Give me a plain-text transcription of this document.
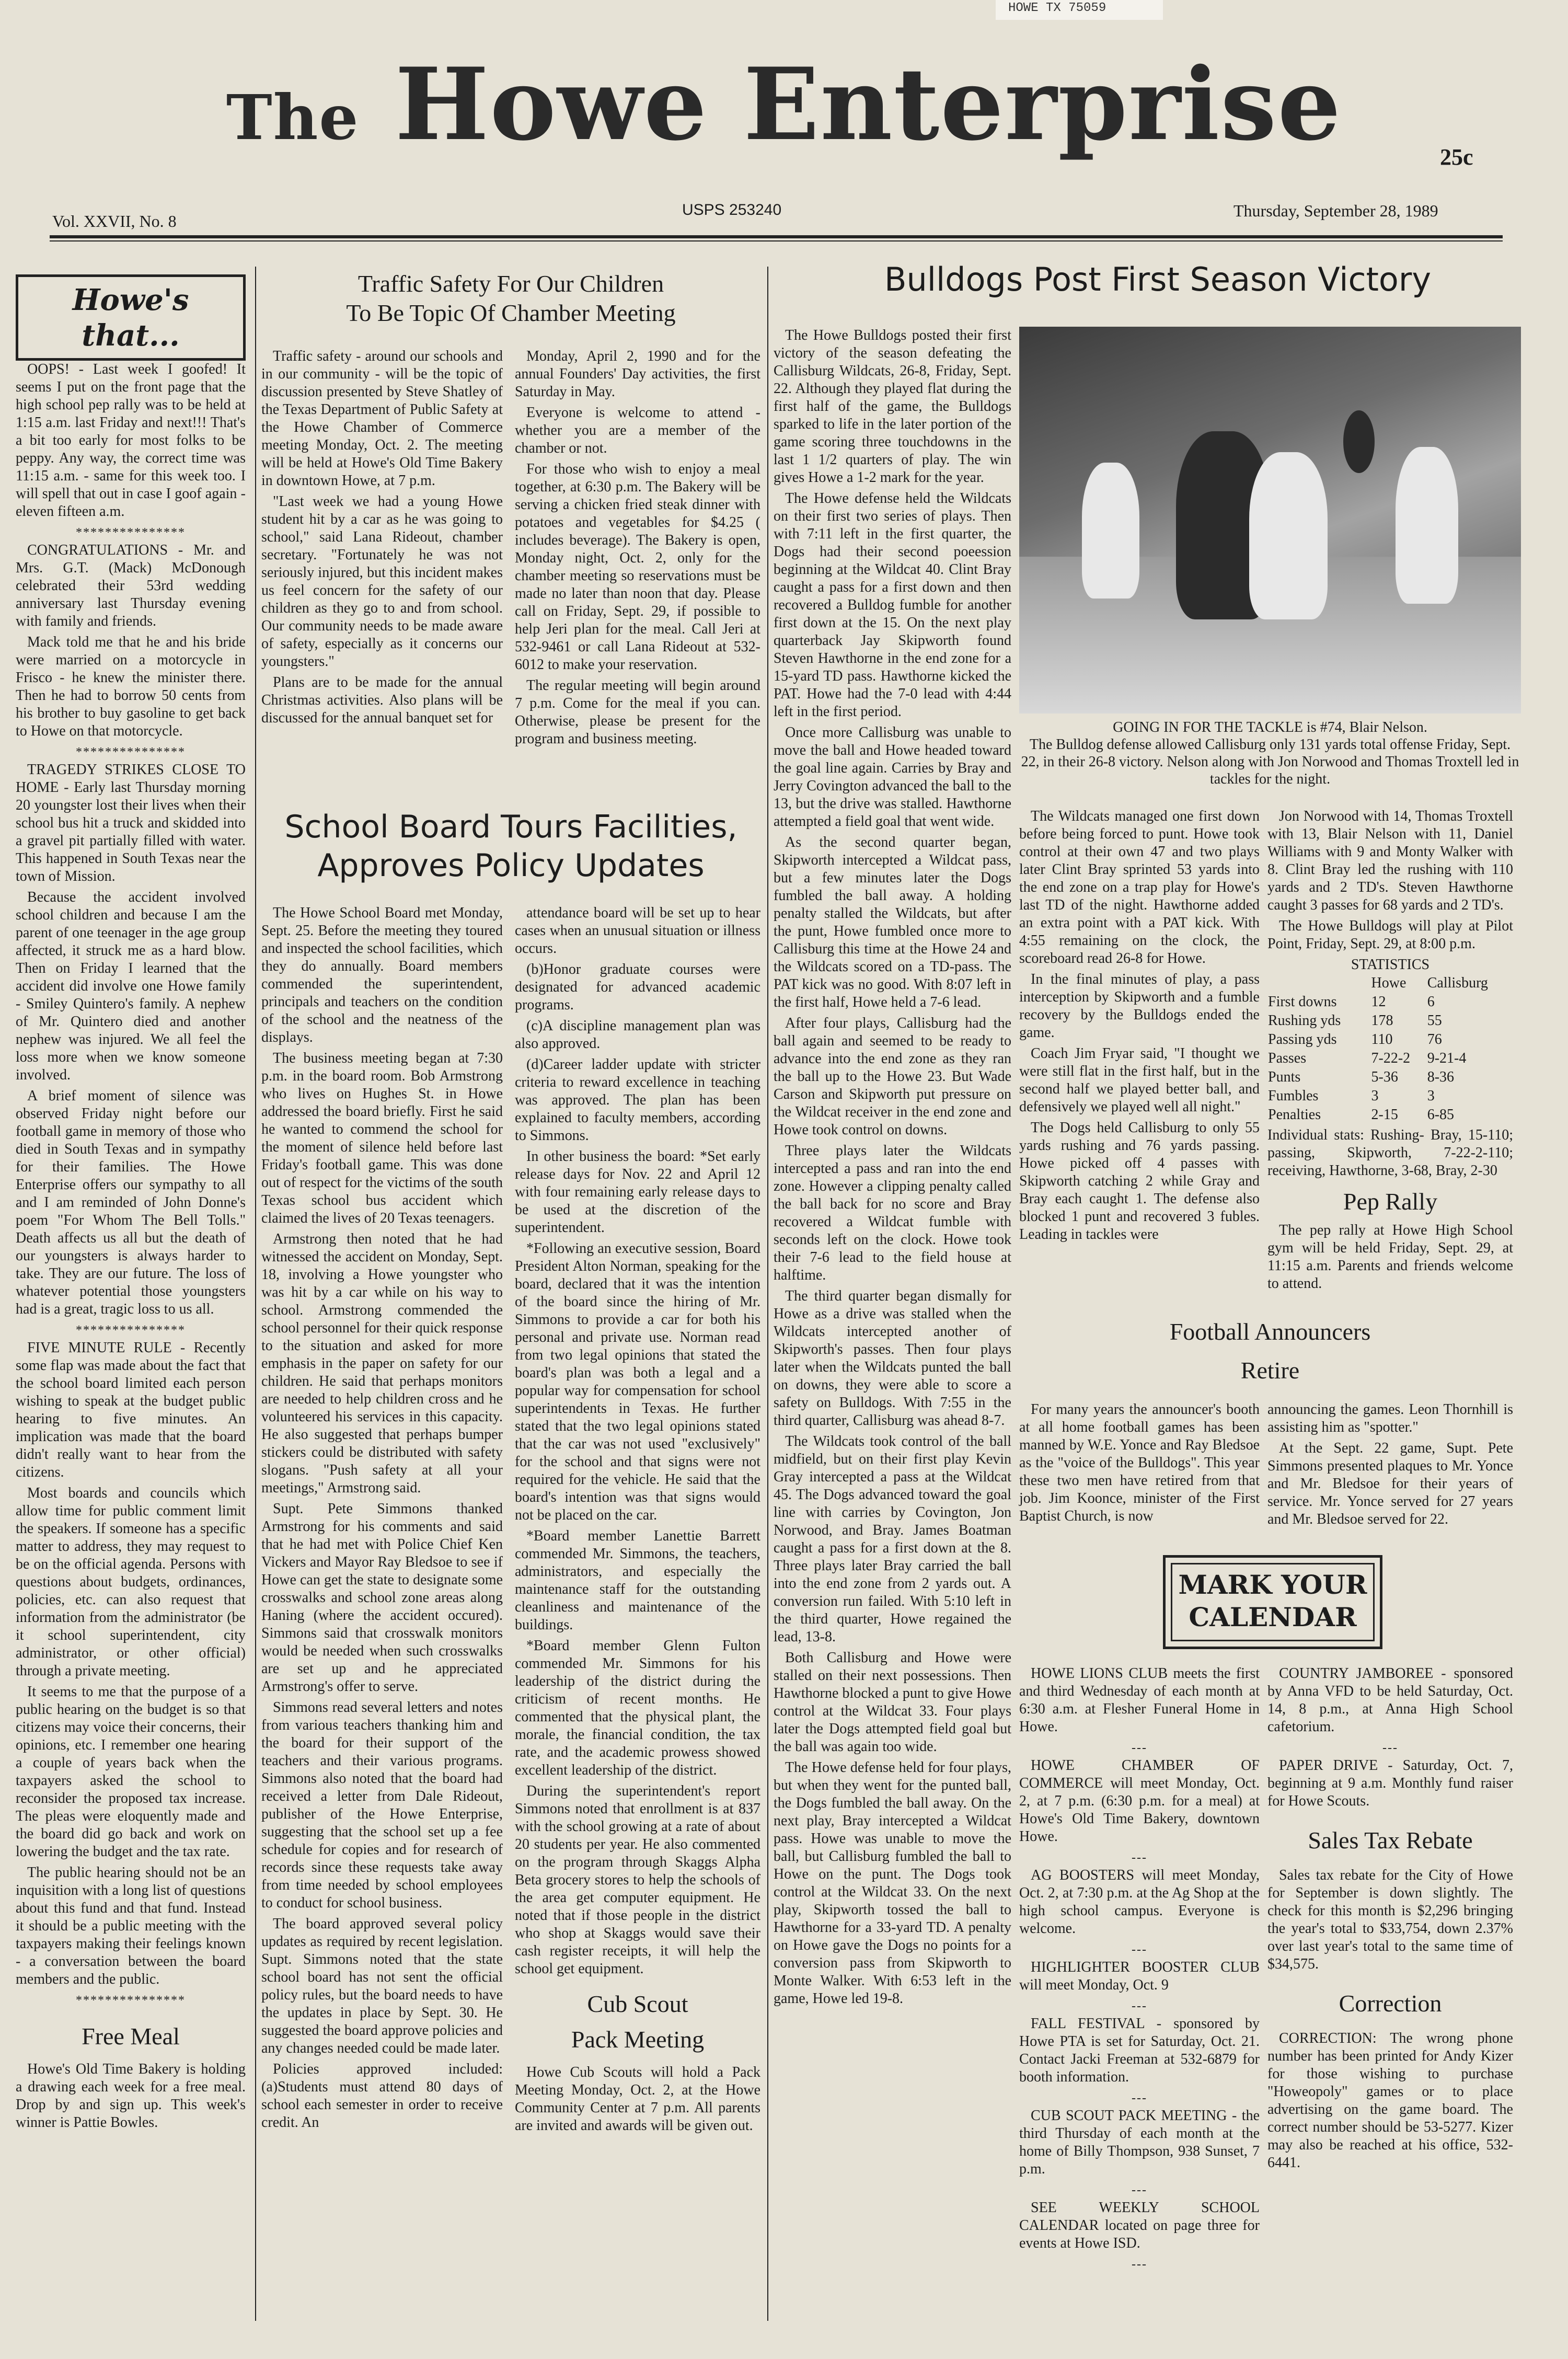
HOWE TX 75059
The Howe Enterprise	25c
Vol. XXVII, No. 8
USPS 253240	Thursday, September 28, 1989
Howe's
that...

OOPS! - Last week I goofed! It seems I put on the front page that the high school pep rally was to be held at 1:15 a.m. last Friday and next!!! That's a bit too early for most folks to be peppy. Any way, the correct time was 11:15 a.m. - same for this week too. I will spell that out in case I goof again - eleven fifteen a.m.

***************

CONGRATULATIONS - Mr. and Mrs. G.T. (Mack) McDonough celebrated their 53rd wedding anniversary last Thursday evening with family and friends.

Mack told me that he and his bride were married on a motorcycle in Frisco - he knew the minister there. Then he had to borrow 50 cents from his brother to buy gasoline to get back to Howe on that motorcycle.

***************

TRAGEDY STRIKES CLOSE TO HOME - Early last Thursday morning 20 youngster lost their lives when their school bus hit a truck and skidded into a gravel pit partially filled with water. This happened in South Texas near the town of Mission.

Because the accident involved school children and because I am the parent of one teenager in the age group affected, it struck me as a hard blow. Then on Friday I learned that the accident did involve one Howe family - Smiley Quintero's family. A nephew of Mr. Quintero died and another nephew was injured. We all feel the loss more when we know someone involved.

A brief moment of silence was observed Friday night before our football game in memory of those who died in South Texas and in sympathy for their families. The Howe Enterprise offers our sympathy to all and I am reminded of John Donne's poem "For Whom The Bell Tolls." Death affects us all but the death of our youngsters is always harder to take. They are our future. The loss of whatever potential those youngsters had is a great, tragic loss to us all.

***************

FIVE MINUTE RULE - Recently some flap was made about the fact that the school board limited each person wishing to speak at the budget public hearing to five minutes. An implication was made that the board didn't really want to hear from the citizens.

Most boards and councils which allow time for public comment limit the speakers. If someone has a specific matter to address, they may request to be on the official agenda. Persons with questions about budgets, ordinances, policies, etc. can also request that information from the administrator (be it school superintendent, city administrator, or other official) through a private meeting.

It seems to me that the purpose of a public hearing on the budget is so that citizens may voice their concerns, their opinions, etc. I remember one hearing a couple of years back when the taxpayers asked the school to reconsider the proposed tax increase. The pleas were eloquently made and the board did go back and work on lowering the budget and the tax rate.

The public hearing should not be an inquisition with a long list of questions about this fund and that fund. Instead it should be a public meeting with the taxpayers making their feelings known - a conversation between the board members and the public.

***************
Free Meal

Howe's Old Time Bakery is holding a drawing each week for a free meal. Drop by and sign up. This week's winner is Pattie Bowles.

Traffic Safety For Our Children
To Be Topic Of Chamber Meeting

Traffic safety - around our schools and in our community - will be the topic of discussion presented by Steve Shatley of the Texas Department of Public Safety at the Howe Chamber of Commerce meeting Monday, Oct. 2. The meeting will be held at Howe's Old Time Bakery in downtown Howe, at 7 p.m.

"Last week we had a young Howe student hit by a car as he was going to school," said Lana Rideout, chamber secretary. "Fortunately he was not seriously injured, but this incident makes us feel concern for the safety of our children as they go to and from school. Our community needs to be made aware of safety, especially as it concerns our youngsters."

Plans are to be made for the annual Christmas activities. Also plans will be discussed for the annual banquet set for

Monday, April 2, 1990 and for the annual Founders' Day activities, the first Saturday in May.

Everyone is welcome to attend - whether you are a member of the chamber or not.

For those who wish to enjoy a meal together, at 6:30 p.m. The Bakery will be serving a chicken fried steak dinner with potatoes and vegetables for $4.25 ( includes beverage). The Bakery is open, Monday night, Oct. 2, only for the chamber meeting so reservations must be made no later than noon that day. Please call on Friday, Sept. 29, if possible to help Jeri plan for the meal. Call Jeri at 532-9461 or call Lana Rideout at 532-6012 to make your reservation.

The regular meeting will begin around 7 p.m. Come for the meal if you can. Otherwise, please be present for the program and business meeting.

School Board Tours Facilities,
Approves Policy Updates

The Howe School Board met Monday, Sept. 25. Before the meeting they toured and inspected the school facilities, which they do annually. Board members commended the superintendent, principals and teachers on the condition of the school and the neatness of the displays.

The business meeting began at 7:30 p.m. in the board room. Bob Armstrong who lives on Hughes St. in Howe addressed the board briefly. First he said he wanted to commend the school for the moment of silence held before last Friday's football game. This was done out of respect for the victims of the south Texas school bus accident which claimed the lives of 20 Texas teenagers.

Armstrong then noted that he had witnessed the accident on Monday, Sept. 18, involving a Howe youngster who was hit by a car while on his way to school. Armstrong commended the school personnel for their quick response to the situation and asked for more emphasis in the paper on safety for our children. He said that perhaps monitors are needed to help children cross and he volunteered his services in this capacity. He also suggested that perhaps bumper stickers could be distributed with safety slogans. "Push safety at all your meetings," Armstrong said.

Supt. Pete Simmons thanked Armstrong for his comments and said that he had met with Police Chief Ken Vickers and Mayor Ray Bledsoe to see if Howe can get the state to designate some crosswalks and school zone areas along Haning (where the accident occured). Simmons said that crosswalk monitors would be needed when such crosswalks are set up and he appreciated Armstrong's offer to serve.

Simmons read several letters and notes from various teachers thanking him and the board for their support of the teachers and their various programs. Simmons also noted that the board had received a letter from Dale Rideout, publisher of the Howe Enterprise, suggesting that the school set up a fee schedule for copies and for research of records since these requests take away from time needed by school employees to conduct for school business.

The board approved several policy updates as required by recent legislation. Supt. Simmons noted that the state school board has not sent the official policy rules, but the board needs to have the updates in place by Sept. 30. He suggested the board approve policies and any changes needed could be made later.

Policies approved included: (a)Students must attend 80 days of school each semester in order to receive credit. An

attendance board will be set up to hear cases when an unusual situation or illness occurs.

(b)Honor graduate courses were designated for advanced academic programs.

(c)A discipline management plan was also approved.

(d)Career ladder update with stricter criteria to reward excellence in teaching was approved. The plan has been explained to faculty members, according to Simmons.

In other business the board: *Set early release days for Nov. 22 and April 12 with four remaining early release days to be used at the discretion of the superintendent.

*Following an executive session, Board President Alton Norman, speaking for the board, declared that it was the intention of the board since the hiring of Mr. Simmons to provide a car for both his personal and private use. Norman read from two legal opinions that stated the board's plan was both a legal and a popular way for compensation for school superintendents in Texas. He further stated that the two legal opinions stated that the car was not used "exclusively" for the school and that signs were not required for the vehicle. He said that the board's intention was that signs would not be placed on the car.

*Board member Lanettie Barrett commended Mr. Simmons, the teachers, administrators, and especially the maintenance staff for the outstanding cleanliness and maintenance of the buildings.

*Board member Glenn Fulton commended Mr. Simmons for his leadership of the district during the criticism of recent months. He commented that the physical plant, the morale, the financial condition, the tax rate, and the academic prowess showed excellent leadership of the district.

During the superintendent's report Simmons noted that enrollment is at 837 with the school growing at a rate of about 20 students per year. He also commented on the program through Skaggs Alpha Beta grocery stores to help the schools of the area get computer equipment. He noted that if those people in the district who shop at Skaggs would save their cash register receipts, it will help the school get equipment.

Cub Scout
Pack Meeting

Howe Cub Scouts will hold a Pack Meeting Monday, Oct. 2, at the Howe Community Center at 7 p.m. All parents are invited and awards will be given out.

Bulldogs Post First Season Victory

The Howe Bulldogs posted their first victory of the season defeating the Callisburg Wildcats, 26-8, Friday, Sept. 22. Although they played flat during the first half of the game, the Bulldogs sparked to life in the later portion of the game scoring three touchdowns in the last 1 1/2 quarters of play. The win gives Howe a 1-2 mark for the year.

The Howe defense held the Wildcats on their first two series of plays. Then with 7:11 left in the first quarter, the Dogs had their second poeession beginning at the Wildcat 40. Clint Bray caught a pass for a first down and then recovered a Bulldog fumble for another first down at the 15. On the next play quarterback Jay Skipworth found Steven Hawthorne in the end zone for a 15-yard TD pass. Hawthorne kicked the PAT. Howe had the 7-0 lead with 4:44 left in the first period.

Once more Callisburg was unable to move the ball and Howe headed toward the goal line again. Carries by Bray and Jerry Covington advanced the ball to the 13, but the drive was stalled. Hawthorne attempted a field goal that went wide.

As the second quarter began, Skipworth intercepted a Wildcat pass, but a few minutes later the Dogs fumbled the ball away. A holding penalty stalled the Wildcats, but after the punt, Howe fumbled once more to Callisburg this time at the Howe 24 and the Wildcats scored on a TD-pass. The PAT kick was no good. With 8:07 left in the first half, Howe held a 7-6 lead.

After four plays, Callisburg had the ball again and seemed to be ready to advance into the end zone as they ran the ball up to the Howe 23. But Wade Carson and Skipworth put pressure on the Wildcat receiver in the end zone and Howe took control on downs.

Three plays later the Wildcats intercepted a pass and ran into the end zone. However a clipping penalty called the ball back for no score and Bray recovered a Wildcat fumble with seconds left on the clock. Howe took their 7-6 lead to the field house at halftime.

The third quarter began dismally for Howe as a drive was stalled when the Wildcats intercepted another of Skipworth's passes. Then four plays later when the Wildcats punted the ball on downs, they were able to score a safety on Bulldogs. With 7:55 in the third quarter, Callisburg was ahead 8-7.

The Wildcats took control of the ball midfield, but on their first play Kevin Gray intercepted a pass at the Wildcat 45. The Dogs advanced toward the goal line with carries by Covington, Jon Norwood, and Bray. James Boatman caught a pass for a first down at the 8. Three plays later Bray carried the ball into the end zone from 2 yards out. A conversion run failed. With 5:10 left in the third quarter, Howe regained the lead, 13-8.

Both Callisburg and Howe were stalled on their next possessions. Then Hawthorne blocked a punt to give Howe control at the Wildcat 33. Four plays later the Dogs attempted field goal but the ball was again too wide.

The Howe defense held for four plays, but when they went for the punted ball, the Dogs fumbled the ball away. On the next play, Bray intercepted a Wildcat pass. Howe was unable to move the ball, but Callisburg fumbled the ball to Howe on the punt. The Dogs took control at the Wildcat 33. On the next play, Skipworth tossed the ball to Hawthorne for a 33-yard TD. A penalty on Howe gave the Dogs no points for a conversion pass from Skipworth to Monte Walker. With 6:53 left in the game, Howe led 19-8.

GOING IN FOR THE TACKLE is #74, Blair Nelson.
The Bulldog defense allowed Callisburg only 131 yards total offense Friday, Sept. 22, in their 26-8 victory. Nelson along with Jon Norwood and Thomas Troxtell led in tackles for the night.

The Wildcats managed one first down before being forced to punt. Howe took control at their own 47 and two plays later Clint Bray sprinted 53 yards into the end zone on a trap play for Howe's last TD of the night. Hawthorne added an extra point with a PAT kick. With 4:55 remaining on the clock, the scoreboard read 26-8 for Howe.

In the final minutes of play, a pass interception by Skipworth and a fumble recovery by the Bulldogs ended the game.

Coach Jim Fryar said, "I thought we were still flat in the first half, but in the second half we played better ball, and defensively we played well all night."

The Dogs held Callisburg to only 55 yards rushing and 76 yards passing. Howe picked off 4 passes with Skipworth catching 2 while Gray and Bray each caught 1. The defense also blocked 1 punt and recovered 3 fubles. Leading in tackles were

Jon Norwood with 14, Thomas Troxtell with 13, Blair Nelson with 11, Daniel Williams with 9 and Monty Walker with 8. Clint Bray led the rushing with 110 yards and 2 TD's. Steven Hawthorne caught 3 passes for 68 yards and 2 TD's.

The Howe Bulldogs will play at Pilot Point, Friday, Sept. 29, at 8:00 p.m.

STATISTICS
	Howe	Callisburg
First downs	12	6
Rushing yds	178	55
Passing yds	110	76
Passes	7-22-2	9-21-4
Punts	5-36	8-36
Fumbles	3	3
Penalties	2-15	6-85

Individual stats: Rushing- Bray, 15-110; passing, Skipworth, 7-22-2-110; receiving, Hawthorne, 3-68, Bray, 2-30

Pep Rally

The pep rally at Howe High School gym will be held Friday, Sept. 29, at 11:15 a.m. Parents and friends welcome to attend.

Football Announcers
Retire

For many years the announcer's booth at all home football games has been manned by W.E. Yonce and Ray Bledsoe as the "voice of the Bulldogs". This year these two men have retired from that job. Jim Koonce, minister of the First Baptist Church, is now

announcing the games. Leon Thornhill is assisting him as "spotter."

At the Sept. 22 game, Supt. Pete Simmons presented plaques to Mr. Yonce and Mr. Bledsoe for their years of service. Mr. Yonce served for 27 years and Mr. Bledsoe served for 22.

MARK YOUR
CALENDAR

HOWE LIONS CLUB meets the first and third Wednesday of each month at 6:30 a.m. at Flesher Funeral Home in Howe.

---

HOWE CHAMBER OF COMMERCE will meet Monday, Oct. 2, at 7 p.m. (6:30 p.m. for a meal) at Howe's Old Time Bakery, downtown Howe.

---

AG BOOSTERS will meet Monday, Oct. 2, at 7:30 p.m. at the Ag Shop at the high school campus. Everyone is welcome.

---

HIGHLIGHTER BOOSTER CLUB will meet Monday, Oct. 9

---

FALL FESTIVAL - sponsored by Howe PTA is set for Saturday, Oct. 21. Contact Jacki Freeman at 532-6879 for booth information.

---

CUB SCOUT PACK MEETING - the third Thursday of each month at the home of Billy Thompson, 938 Sunset, 7 p.m.

---

SEE WEEKLY SCHOOL CALENDAR located on page three for events at Howe ISD.

---

COUNTRY JAMBOREE - sponsored by Anna VFD to be held Saturday, Oct. 14, 8 p.m., at Anna High School cafetorium.

---

PAPER DRIVE - Saturday, Oct. 7, beginning at 9 a.m. Monthly fund raiser for Howe Scouts.

Sales Tax Rebate

Sales tax rebate for the City of Howe for September is down slightly. The check for this month is $2,296 bringing the year's total to $33,754, down 2.37% over last year's total to the same time of $34,575.

Correction

CORRECTION: The wrong phone number has been printed for Andy Kizer for those wishing to purchase "Howeopoly" games or to place advertising on the game board. The correct number should be 53-5277. Kizer may also be reached at his office, 532-6441.
